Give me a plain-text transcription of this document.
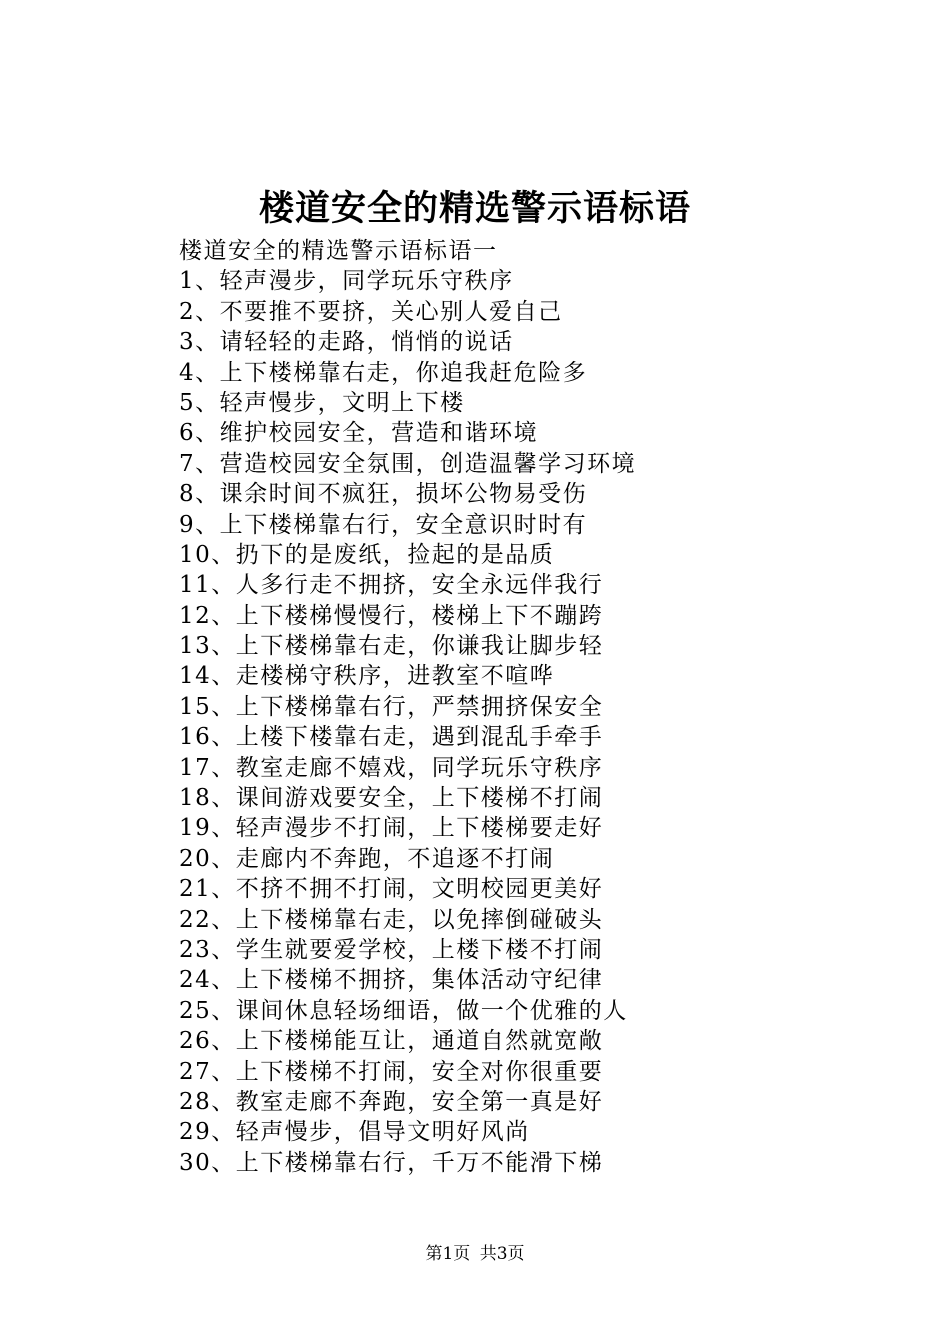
楼道安全的精选警示语标语

楼道安全的精选警示语标语一

1、轻声漫步，同学玩乐守秩序
2、不要推不要挤，关心别人爱自己
3、请轻轻的走路，悄悄的说话
4、上下楼梯靠右走，你追我赶危险多
5、轻声慢步，文明上下楼
6、维护校园安全，营造和谐环境
7、营造校园安全氛围，创造温馨学习环境
8、课余时间不疯狂，损坏公物易受伤
9、上下楼梯靠右行，安全意识时时有
10、扔下的是废纸，捡起的是品质
11、人多行走不拥挤，安全永远伴我行
12、上下楼梯慢慢行，楼梯上下不蹦跨
13、上下楼梯靠右走，你谦我让脚步轻
14、走楼梯守秩序，进教室不喧哗
15、上下楼梯靠右行，严禁拥挤保安全
16、上楼下楼靠右走，遇到混乱手牵手
17、教室走廊不嬉戏，同学玩乐守秩序
18、课间游戏要安全，上下楼梯不打闹
19、轻声漫步不打闹，上下楼梯要走好
20、走廊内不奔跑，不追逐不打闹
21、不挤不拥不打闹，文明校园更美好
22、上下楼梯靠右走，以免摔倒碰破头
23、学生就要爱学校，上楼下楼不打闹
24、上下楼梯不拥挤，集体活动守纪律
25、课间休息轻场细语，做一个优雅的人
26、上下楼梯能互让，通道自然就宽敞
27、上下楼梯不打闹，安全对你很重要
28、教室走廊不奔跑，安全第一真是好
29、轻声慢步，倡导文明好风尚
30、上下楼梯靠右行，千万不能滑下梯
第1页 共3页
